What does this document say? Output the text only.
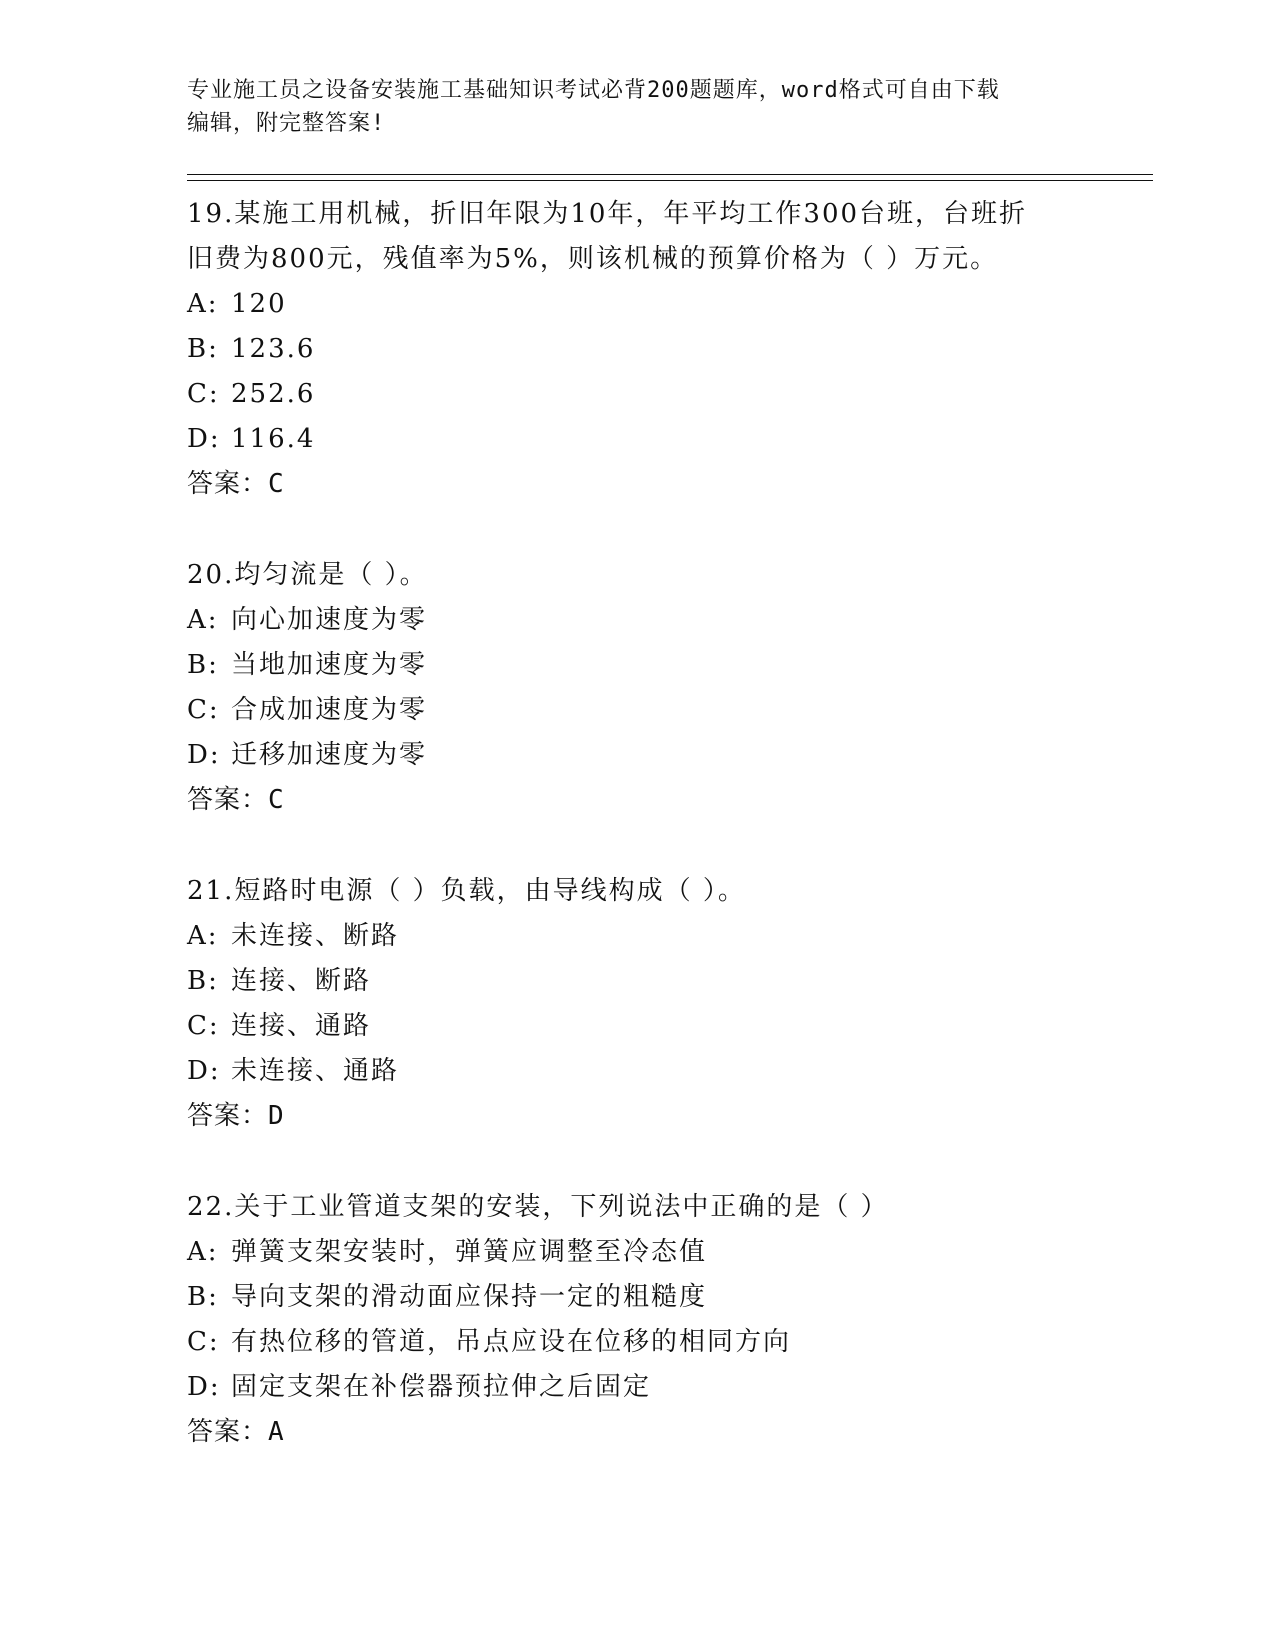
专业施工员之设备安装施工基础知识考试必背200题题库，word格式可自由下载
编辑，附完整答案!
19.某施工用机械，折旧年限为10年，年平均工作300台班，台班折
旧费为800元，残值率为5%，则该机械的预算价格为（ ）万元。
A: 120
B: 123.6
C: 252.6
D: 116.4
答案：C
20.均匀流是（ ）。
A: 向心加速度为零
B: 当地加速度为零
C: 合成加速度为零
D: 迁移加速度为零
答案：C
21.短路时电源（ ）负载，由导线构成（ ）。
A: 未连接、断路
B: 连接、断路
C: 连接、通路
D: 未连接、通路
答案：D
22.关于工业管道支架的安装，下列说法中正确的是（ ）
A: 弹簧支架安装时，弹簧应调整至冷态值
B: 导向支架的滑动面应保持一定的粗糙度
C: 有热位移的管道，吊点应设在位移的相同方向
D: 固定支架在补偿器预拉伸之后固定
答案：A
